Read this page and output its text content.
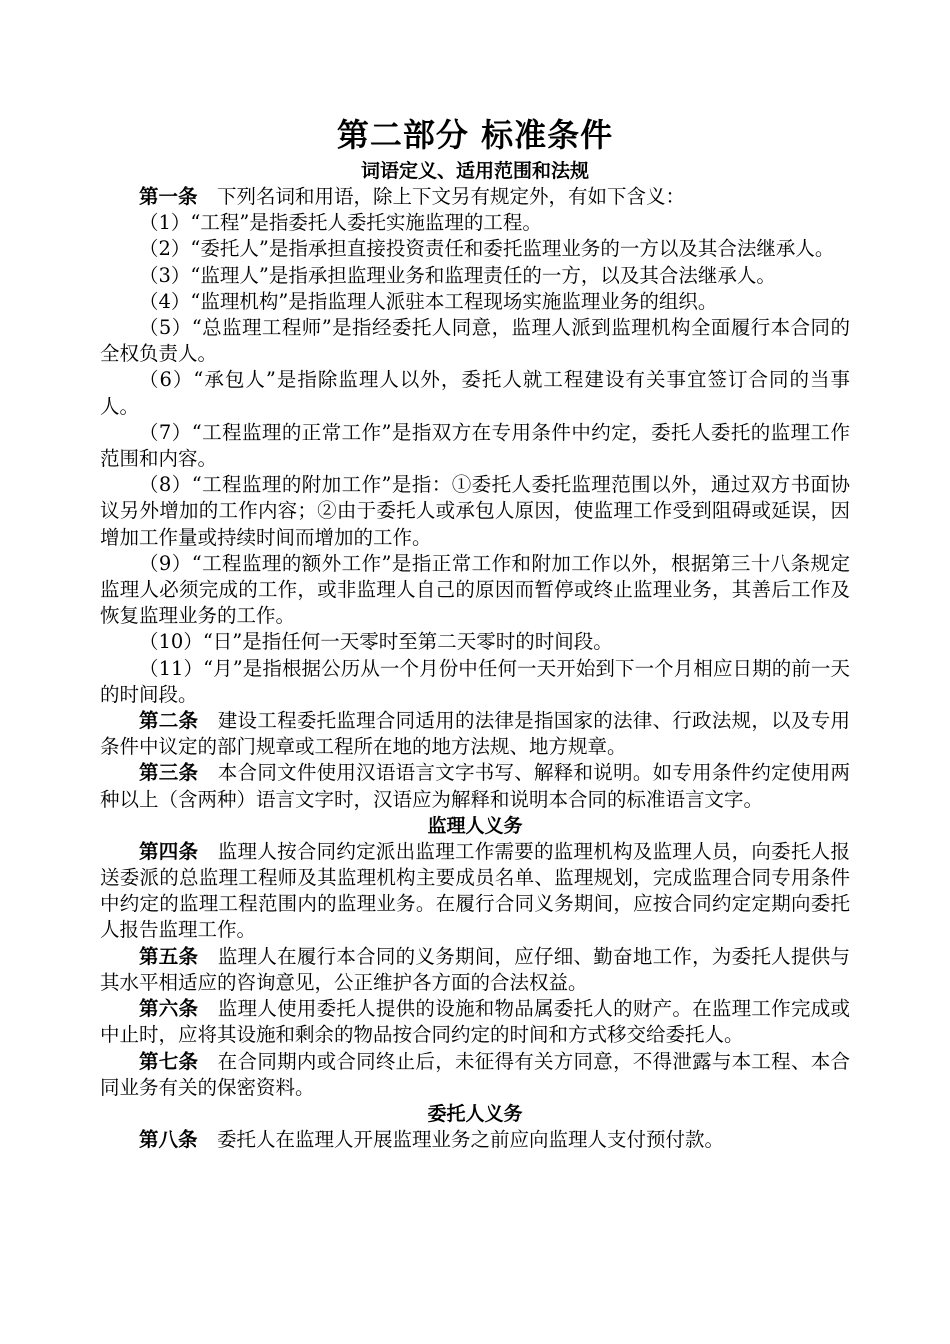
第二部分 标准条件
词语定义、适用范围和法规

第一条 下列名词和用语，除上下文另有规定外，有如下含义：

（1）“工程”是指委托人委托实施监理的工程。

（2）“委托人”是指承担直接投资责任和委托监理业务的一方以及其合法继承人。

（3）“监理人”是指承担监理业务和监理责任的一方，以及其合法继承人。

（4）“监理机构”是指监理人派驻本工程现场实施监理业务的组织。

（5）“总监理工程师”是指经委托人同意，监理人派到监理机构全面履行本合同的全权负责人。

（6）“承包人”是指除监理人以外，委托人就工程建设有关事宜签订合同的当事人。

（7）“工程监理的正常工作”是指双方在专用条件中约定，委托人委托的监理工作范围和内容。

（8）“工程监理的附加工作”是指：①委托人委托监理范围以外，通过双方书面协议另外增加的工作内容；②由于委托人或承包人原因，使监理工作受到阻碍或延误，因增加工作量或持续时间而增加的工作。

（9）“工程监理的额外工作”是指正常工作和附加工作以外，根据第三十八条规定监理人必须完成的工作，或非监理人自己的原因而暂停或终止监理业务，其善后工作及恢复监理业务的工作。

（10）“日”是指任何一天零时至第二天零时的时间段。

（11）“月”是指根据公历从一个月份中任何一天开始到下一个月相应日期的前一天的时间段。

第二条 建设工程委托监理合同适用的法律是指国家的法律、行政法规，以及专用条件中议定的部门规章或工程所在地的地方法规、地方规章。

第三条 本合同文件使用汉语语言文字书写、解释和说明。如专用条件约定使用两种以上（含两种）语言文字时，汉语应为解释和说明本合同的标准语言文字。

监理人义务

第四条 监理人按合同约定派出监理工作需要的监理机构及监理人员，向委托人报送委派的总监理工程师及其监理机构主要成员名单、监理规划，完成监理合同专用条件中约定的监理工程范围内的监理业务。在履行合同义务期间，应按合同约定定期向委托人报告监理工作。

第五条 监理人在履行本合同的义务期间，应仔细、勤奋地工作，为委托人提供与其水平相适应的咨询意见，公正维护各方面的合法权益。

第六条 监理人使用委托人提供的设施和物品属委托人的财产。在监理工作完成或中止时，应将其设施和剩余的物品按合同约定的时间和方式移交给委托人。

第七条 在合同期内或合同终止后，未征得有关方同意，不得泄露与本工程、本合同业务有关的保密资料。

委托人义务

第八条 委托人在监理人开展监理业务之前应向监理人支付预付款。
